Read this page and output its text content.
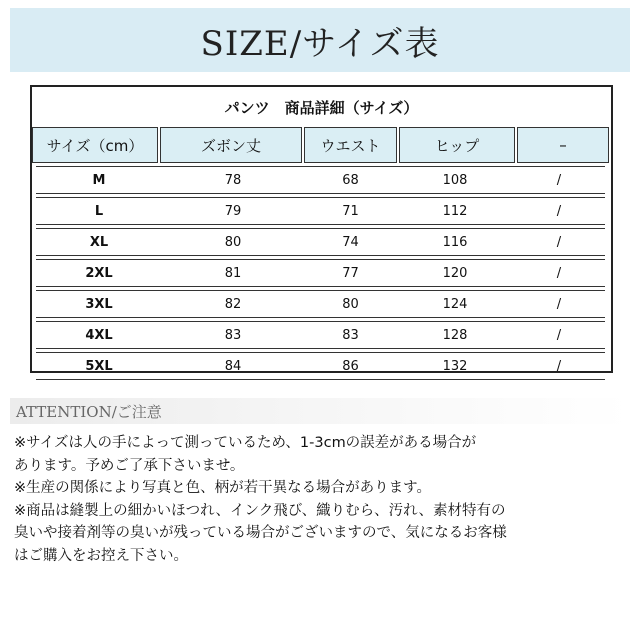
SIZE/サイズ表
パンツ　商品詳細（サイズ）
サイズ（cm）	ズボン丈	ウエスト	ヒップ	–
M	78	68	108	/
L	79	71	112	/
XL	80	74	116	/
2XL	81	77	120	/
3XL	82	80	124	/
4XL	83	83	128	/
5XL	84	86	132	/
ATTENTION/ご注意

※サイズは人の手によって測っているため、1-3cmの誤差がある場合が

あります。予めご了承下さいませ。

※生産の関係により写真と色、柄が若干異なる場合があります。

※商品は縫製上の細かいほつれ、インク飛び、織りむら、汚れ、素材特有の

臭いや接着剤等の臭いが残っている場合がございますので、気になるお客様

はご購入をお控え下さい。
